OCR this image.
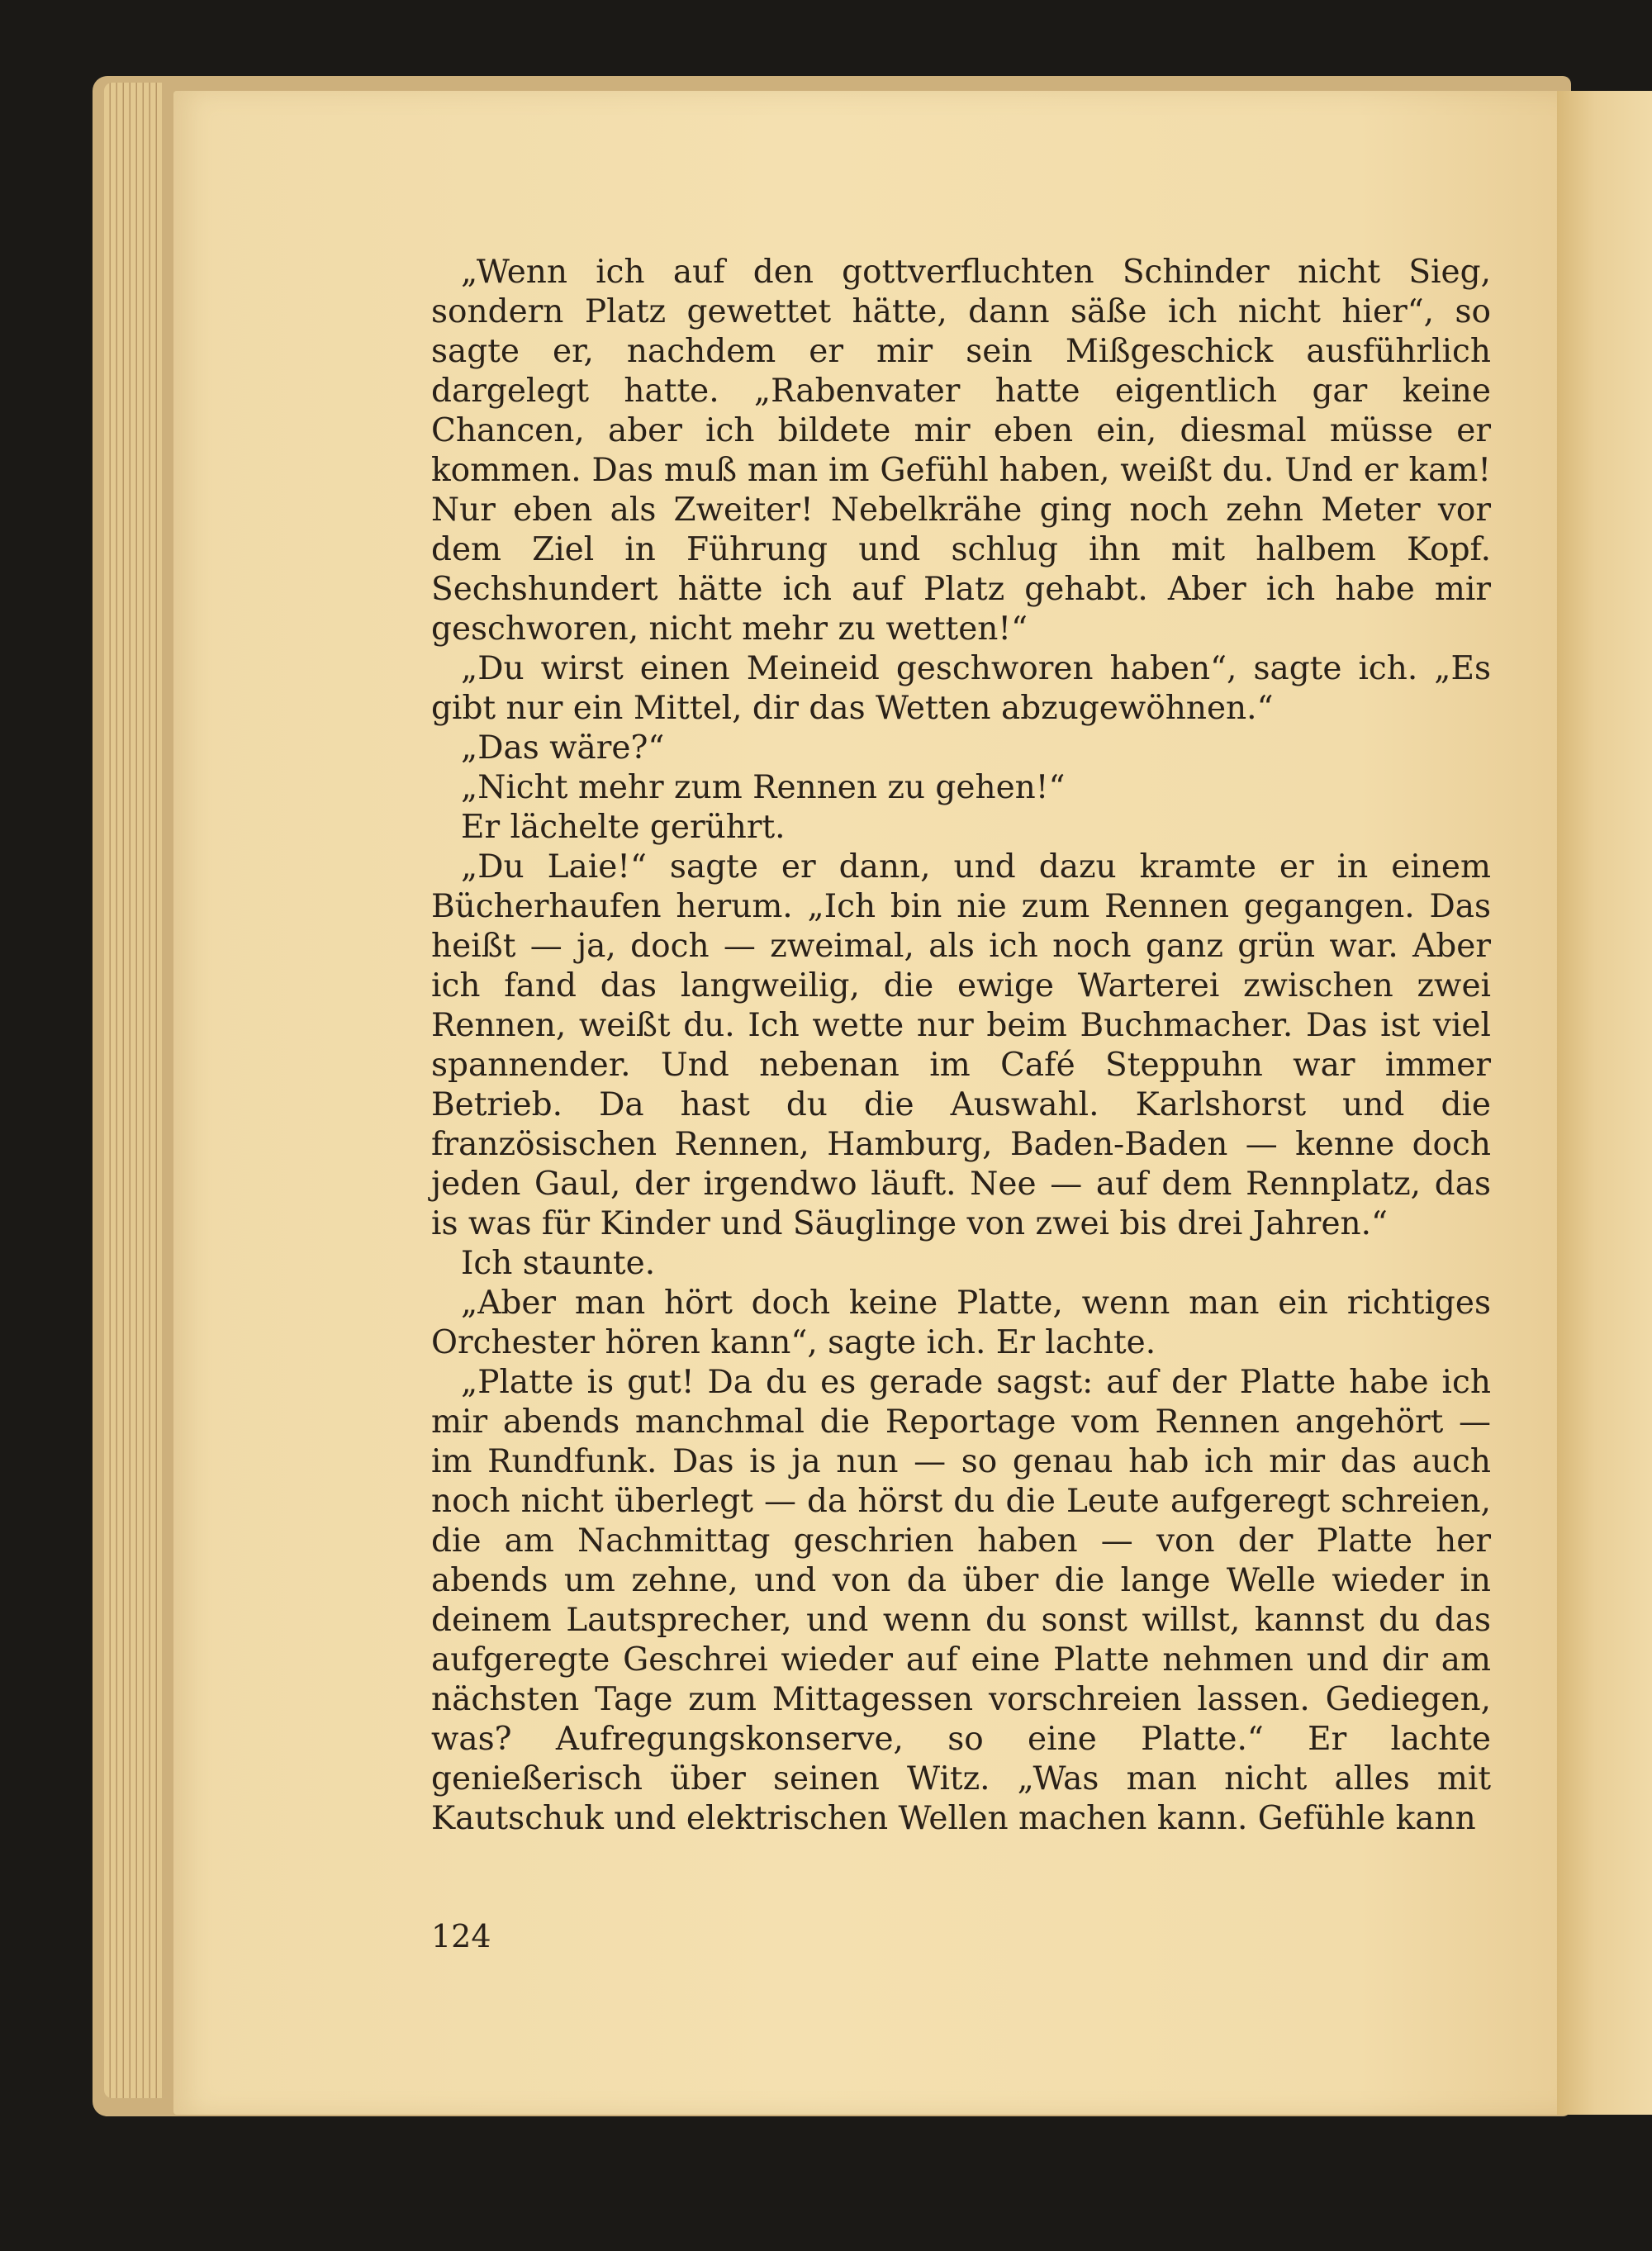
„Wenn ich auf den gottverfluchten Schinder nicht Sieg, sondern Platz gewettet hätte, dann säße ich nicht hier“, so sagte er, nachdem er mir sein Mißgeschick ausführlich dargelegt hatte. „Rabenvater hatte eigentlich gar keine Chancen, aber ich bildete mir eben ein, diesmal müsse er kommen. Das muß man im Gefühl haben, weißt du. Und er kam! Nur eben als Zweiter! Nebelkrähe ging noch zehn Meter vor dem Ziel in Führung und schlug ihn mit halbem Kopf. Sechshundert hätte ich auf Platz gehabt. Aber ich habe mir geschworen, nicht mehr zu wetten!“

„Du wirst einen Meineid geschworen haben“, sagte ich. „Es gibt nur ein Mittel, dir das Wetten abzugewöhnen.“

„Das wäre?“

„Nicht mehr zum Rennen zu gehen!“

Er lächelte gerührt.

„Du Laie!“ sagte er dann, und dazu kramte er in einem Bücherhaufen herum. „Ich bin nie zum Rennen gegangen. Das heißt — ja, doch — zweimal, als ich noch ganz grün war. Aber ich fand das langweilig, die ewige Warterei zwischen zwei Rennen, weißt du. Ich wette nur beim Buchmacher. Das ist viel spannender. Und nebenan im Café Steppuhn war immer Betrieb. Da hast du die Auswahl. Karlshorst und die französischen Rennen, Hamburg, Baden-Baden — kenne doch jeden Gaul, der irgendwo läuft. Nee — auf dem Rennplatz, das is was für Kinder und Säuglinge von zwei bis drei Jahren.“

Ich staunte.

„Aber man hört doch keine Platte, wenn man ein richtiges Orchester hören kann“, sagte ich. Er lachte.

„Platte is gut! Da du es gerade sagst: auf der Platte habe ich mir abends manchmal die Reportage vom Rennen angehört — im Rundfunk. Das is ja nun — so genau hab ich mir das auch noch nicht überlegt — da hörst du die Leute aufgeregt schreien, die am Nachmittag geschrien haben — von der Platte her abends um zehne, und von da über die lange Welle wieder in deinem Lautsprecher, und wenn du sonst willst, kannst du das aufgeregte Geschrei wieder auf eine Platte nehmen und dir am nächsten Tage zum Mittagessen vorschreien lassen. Gediegen, was? Aufregungskonserve, so eine Platte.“ Er lachte genießerisch über seinen Witz. „Was man nicht alles mit Kautschuk und elektrischen Wellen machen kann. Gefühle kann

124
